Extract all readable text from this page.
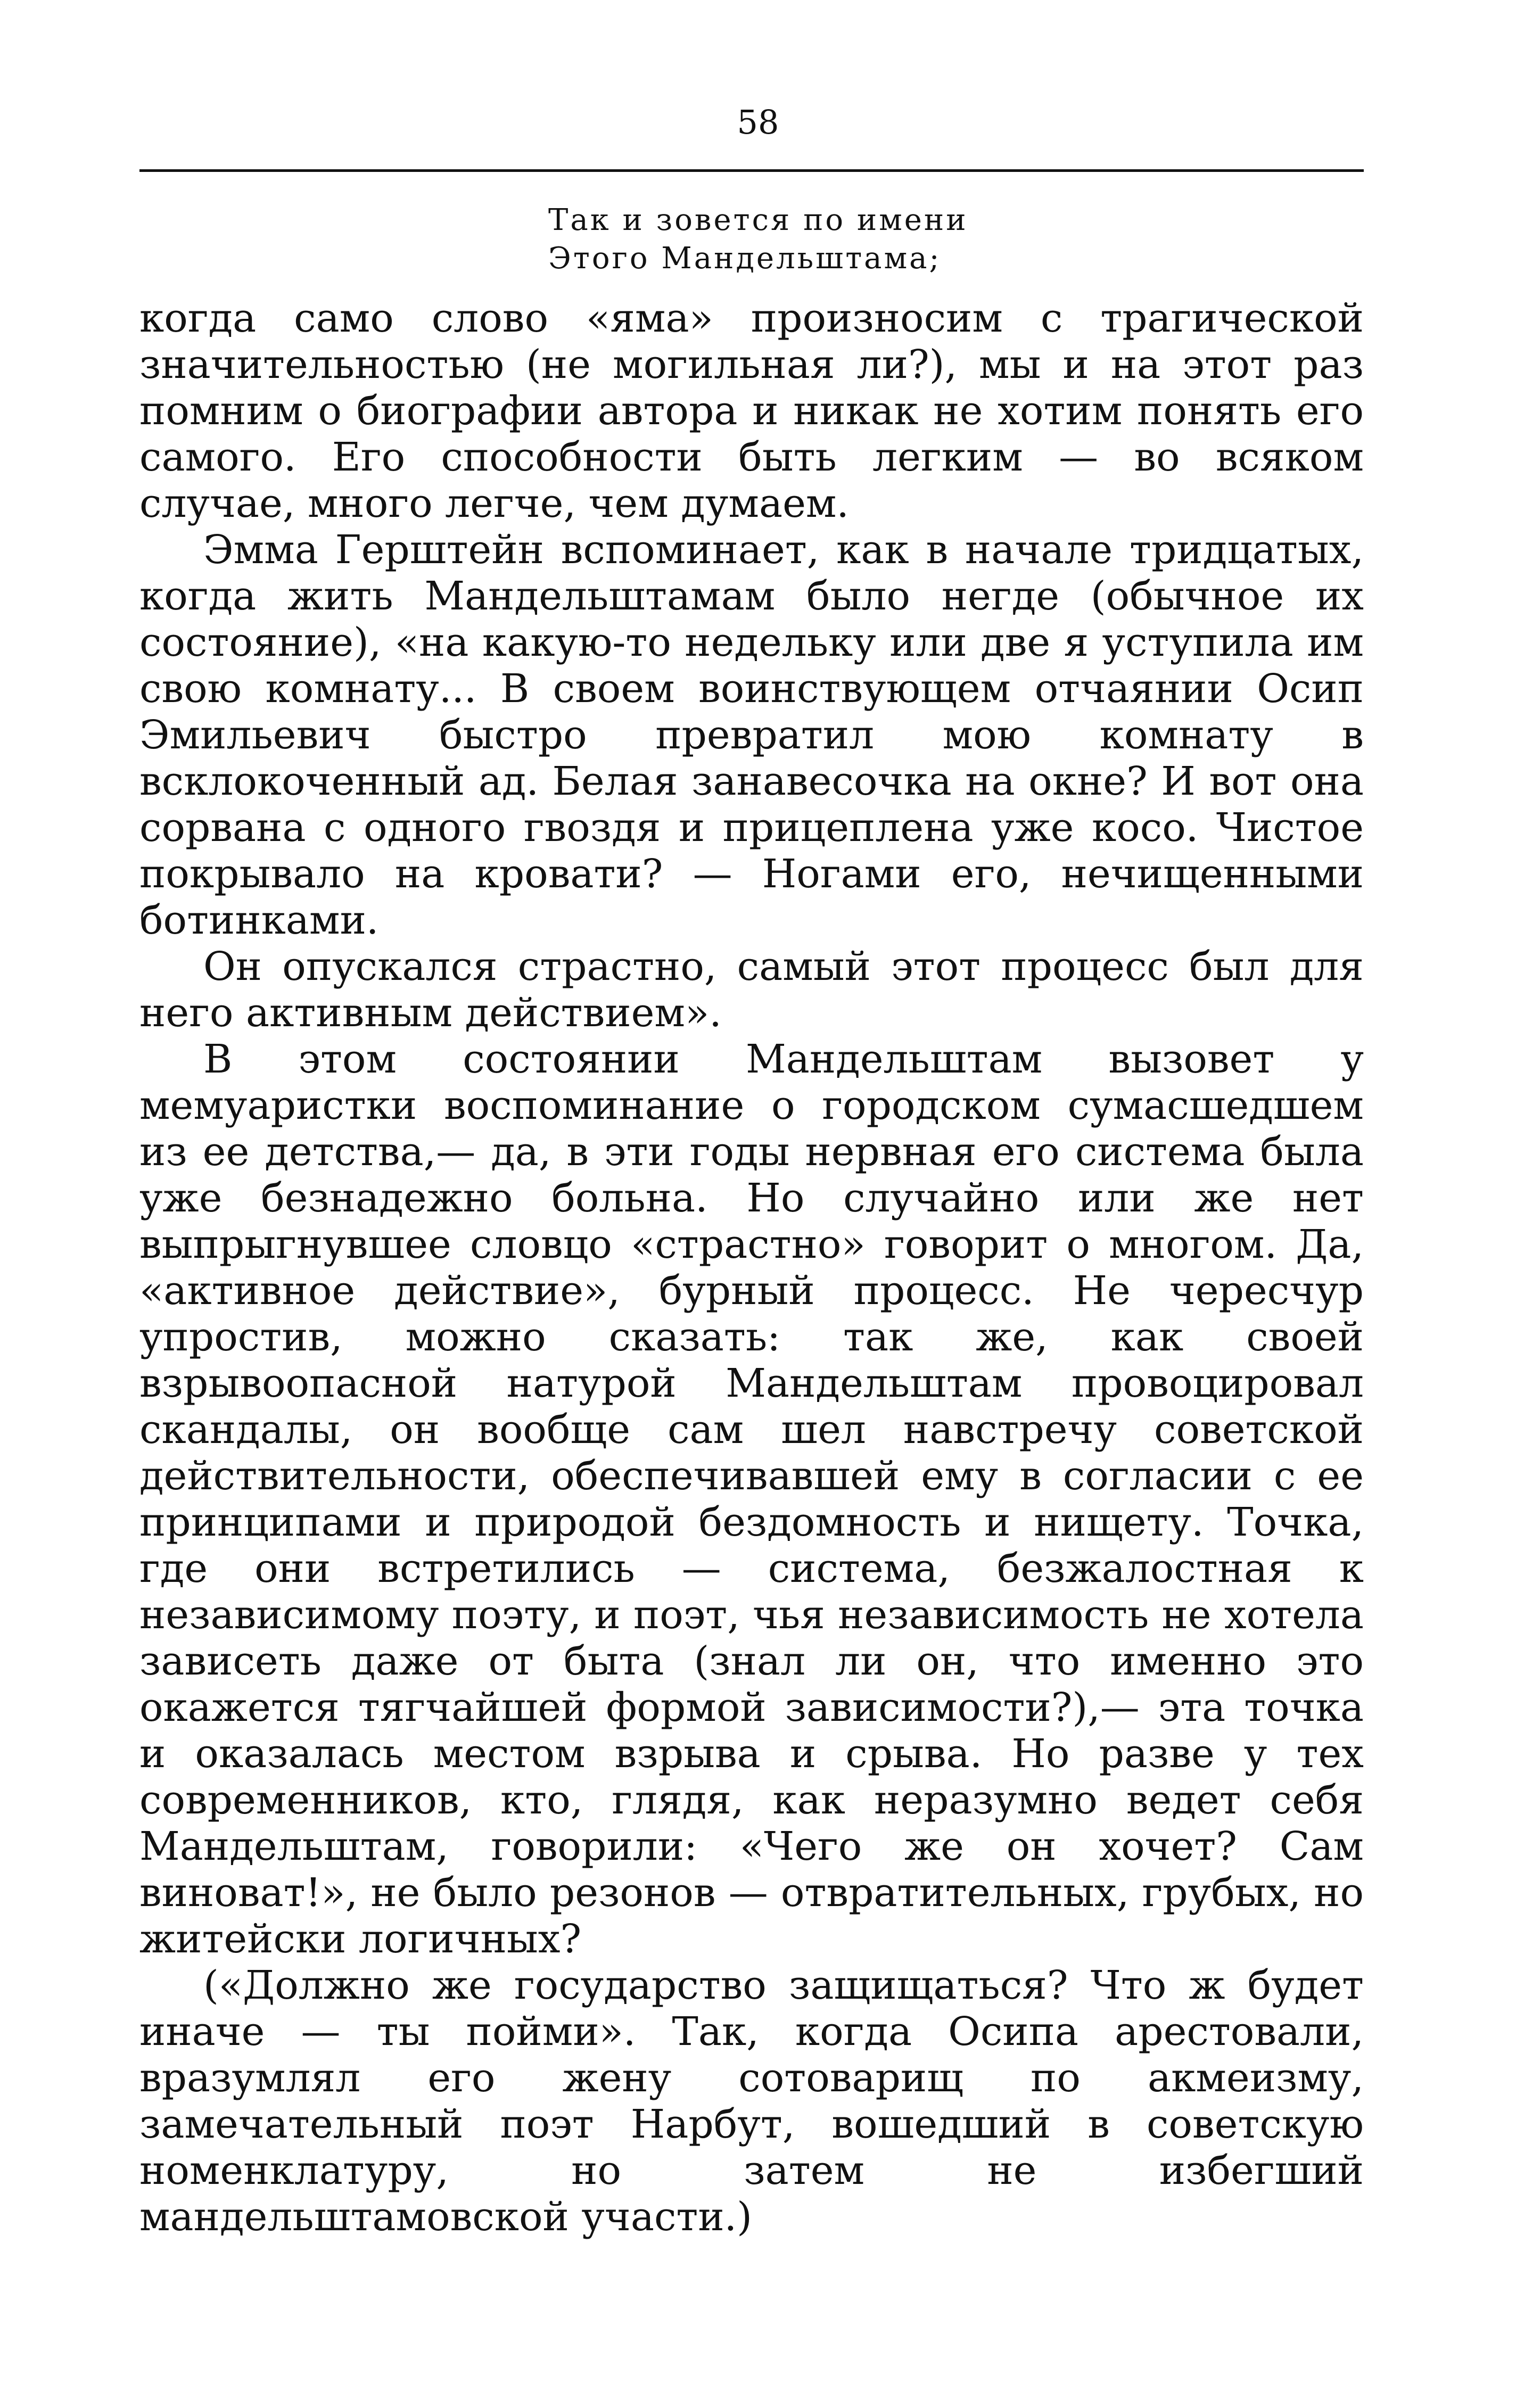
58
Так и зовется по имени
Этого Мандельштама;

когда само слово «яма» произносим с трагической значительностью (не могильная ли?), мы и на этот раз помним о биографии автора и никак не хотим понять его самого. Его способности быть легким — во всяком случае, много легче, чем думаем.

Эмма Герштейн вспоминает, как в начале тридцатых, когда жить Мандельштамам было негде (обычное их состояние), «на какую-то недельку или две я уступила им свою комнату... В своем воинствующем отчаянии Осип Эмильевич быстро превратил мою комнату в всклокоченный ад. Белая занавесочка на окне? И вот она сорвана с одного гвоздя и прицеплена уже косо. Чистое покрывало на кровати? — Ногами его, нечищенными ботинками.

Он опускался страстно, самый этот процесс был для него активным действием».

В этом состоянии Мандельштам вызовет у мемуаристки воспоминание о городском сумасшедшем из ее детства,— да, в эти годы нервная его система была уже безнадежно больна. Но случайно или же нет выпрыгнувшее словцо «страстно» говорит о многом. Да, «активное действие», бурный процесс. Не чересчур упростив, можно сказать: так же, как своей взрывоопасной натурой Мандельштам провоцировал скандалы, он вообще сам шел навстречу советской действительности, обеспечивавшей ему в согласии с ее принципами и природой бездомность и нищету. Точка, где они встретились — система, безжалостная к независимому поэту, и поэт, чья независимость не хотела зависеть даже от быта (знал ли он, что именно это окажется тягчайшей формой зависимости?),— эта точка и оказалась местом взрыва и срыва. Но разве у тех современников, кто, глядя, как неразумно ведет себя Мандельштам, говорили: «Чего же он хочет? Сам виноват!», не было резонов — отвратительных, грубых, но житейски логичных?

(«Должно же государство защищаться? Что ж будет иначе — ты пойми». Так, когда Осипа арестовали, вразумлял его жену сотоварищ по акмеизму, замечательный поэт Нарбут, вошедший в советскую номенклатуру, но затем не избегший мандельштамовской участи.)
